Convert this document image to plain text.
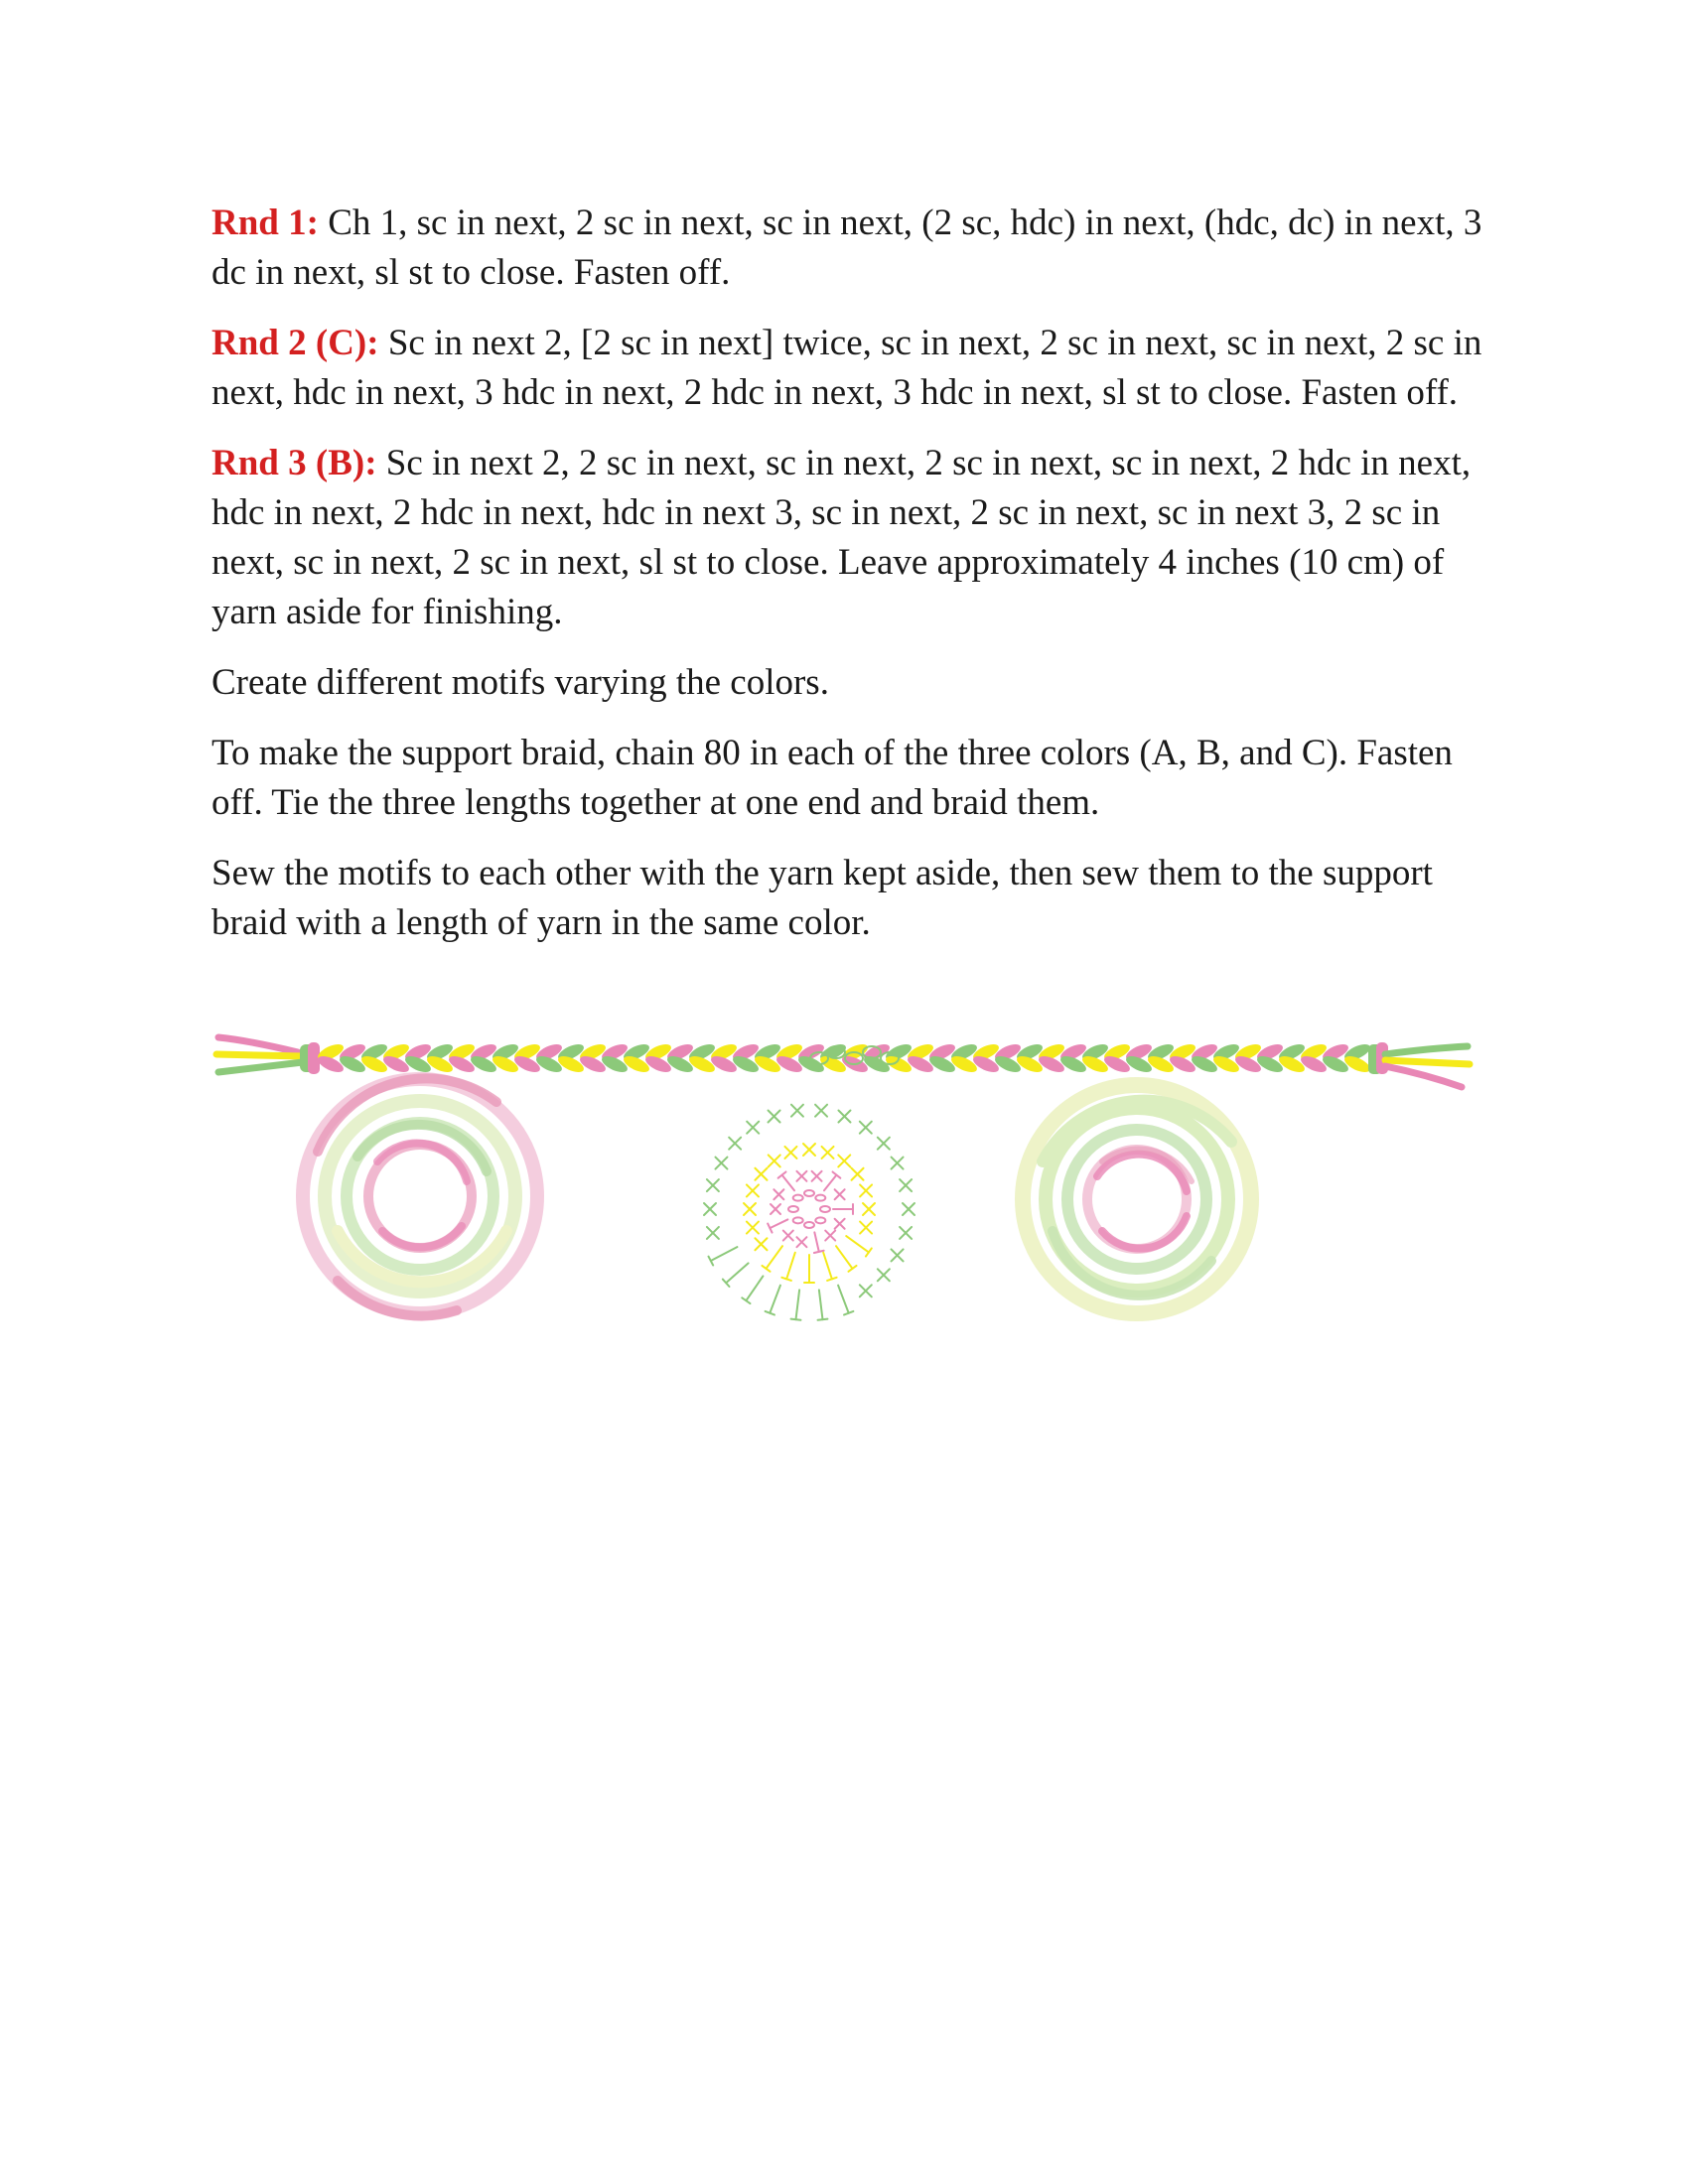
Rnd 1: Ch 1, sc in next, 2 sc in next, sc in next, (2 sc, hdc) in next, (hdc, dc) in next, 3 dc in next, sl st to close. Fasten off.

Rnd 2 (C): Sc in next 2, [2 sc in next] twice, sc in next, 2 sc in next, sc in next, 2 sc in next, hdc in next, 3 hdc in next, 2 hdc in next, 3 hdc in next, sl st to close. Fasten off.

Rnd 3 (B): Sc in next 2, 2 sc in next, sc in next, 2 sc in next, sc in next, 2 hdc in next, hdc in next, 2 hdc in next, hdc in next 3, sc in next, 2 sc in next, sc in next 3, 2 sc in next, sc in next, 2 sc in next, sl st to close. Leave approximately 4 inches (10 cm) of yarn aside for finishing.

Create different motifs varying the colors.

To make the support braid, chain 80 in each of the three colors (A, B, and C). Fasten off. Tie the three lengths together at one end and braid them.

Sew the motifs to each other with the yarn kept aside, then sew them to the support braid with a length of yarn in the same color.
